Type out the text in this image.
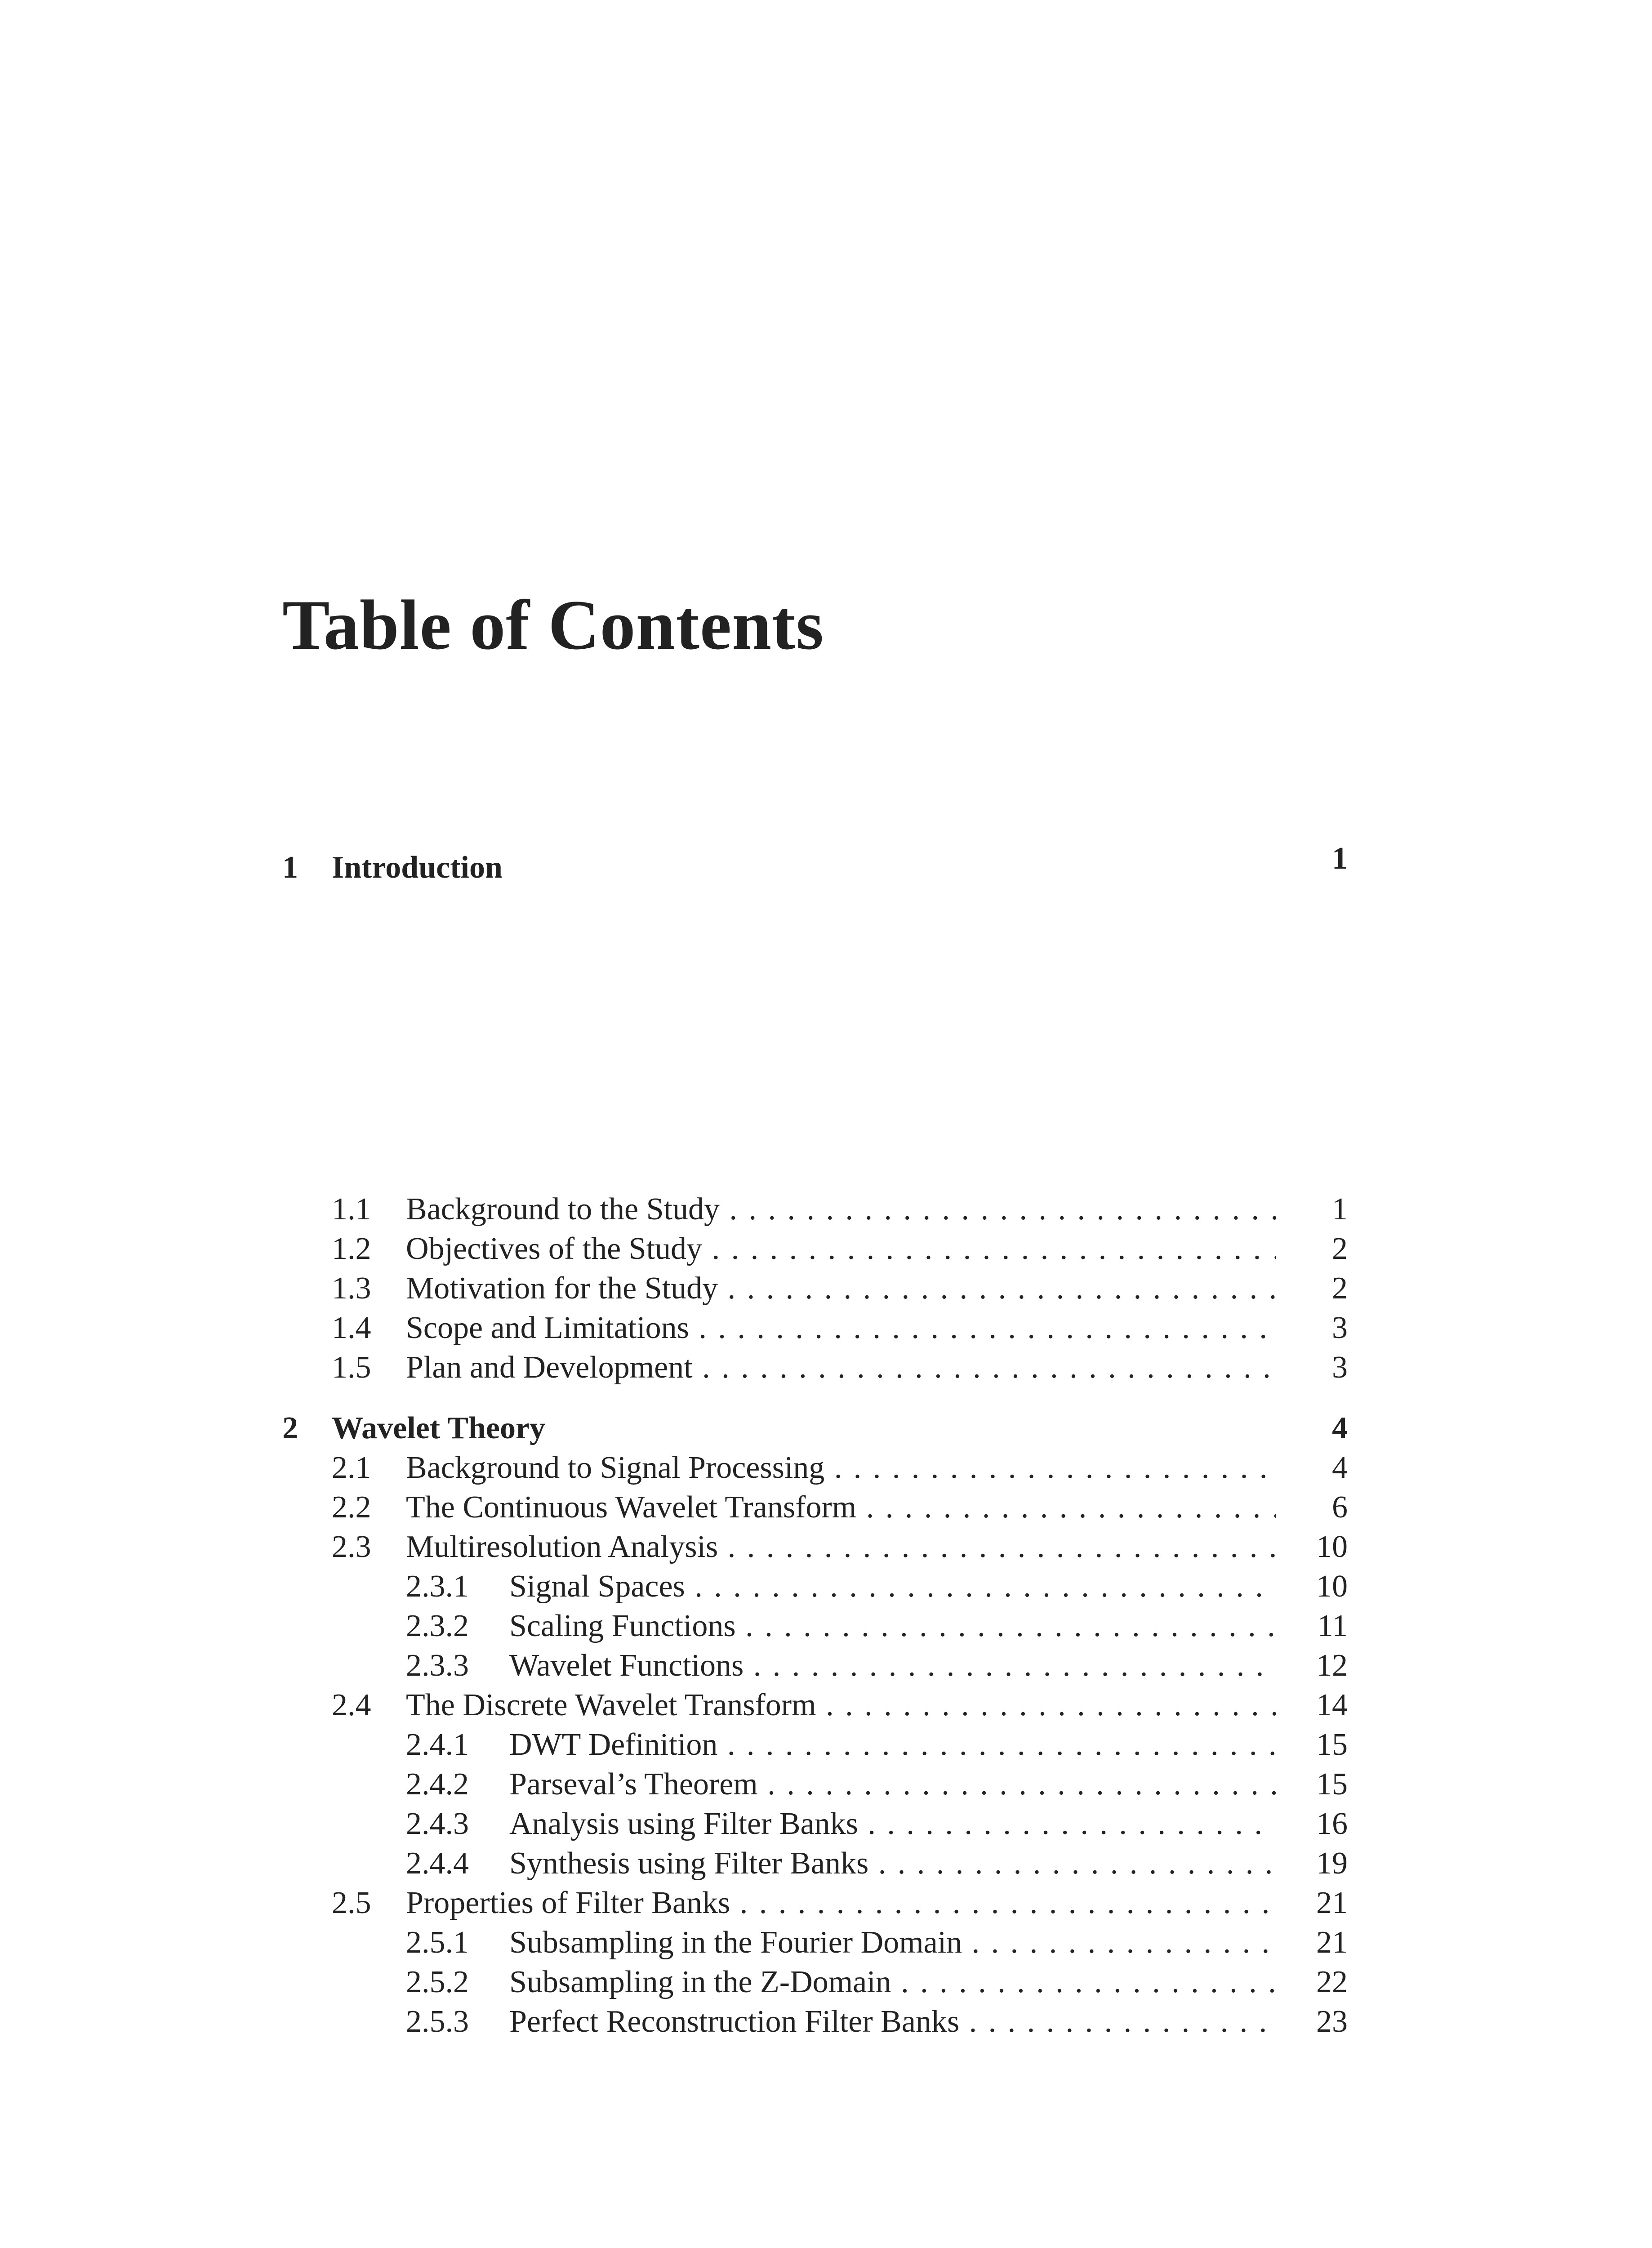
Table of Contents
1 Introduction	1
1.1 Background to the Study . . .	1
1.2 Objectives of the Study . . .	2
1.3 Motivation for the Study . . .	2
1.4 Scope and Limitations . . .	3
1.5 Plan and Development . . .	3
2 Wavelet Theory	4
2.1 Background to Signal Processing . . .	4
2.2 The Continuous Wavelet Transform . . .	6
2.3 Multiresolution Analysis . . .	10
2.3.1 Signal Spaces . . .	10
2.3.2 Scaling Functions . . .	11
2.3.3 Wavelet Functions . . .	12
2.4 The Discrete Wavelet Transform . . .	14
2.4.1 DWT Definition . . .	15
2.4.2 Parseval’s Theorem . . .	15
2.4.3 Analysis using Filter Banks . . .	16
2.4.4 Synthesis using Filter Banks . . .	19
2.5 Properties of Filter Banks . . .	21
2.5.1 Subsampling in the Fourier Domain . . .	21
2.5.2 Subsampling in the Z-Domain . . .	22
2.5.3 Perfect Reconstruction Filter Banks . . .	23
